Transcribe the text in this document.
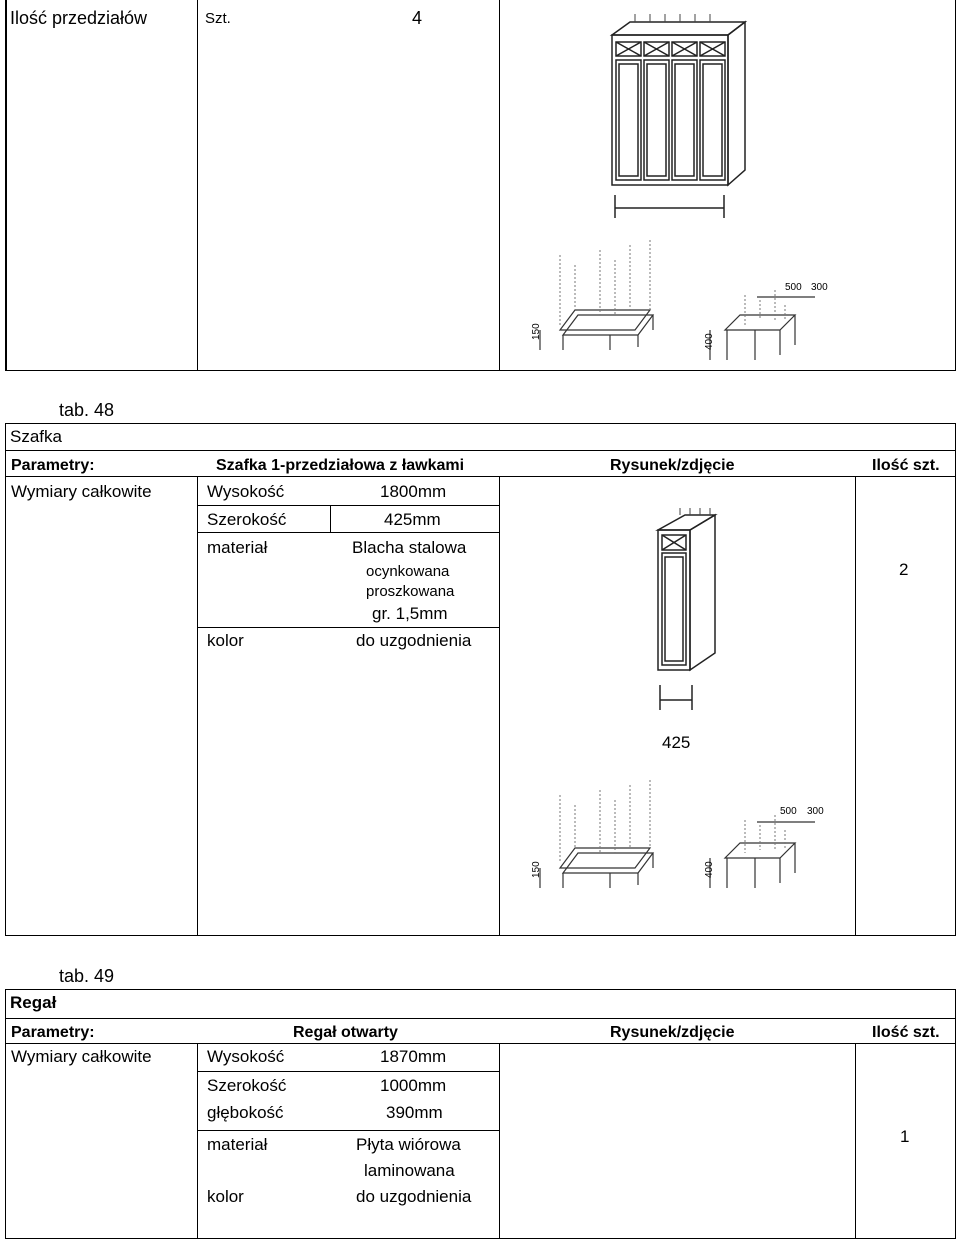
Ilość przedziałów	Szt.	4
150
400
500 300
tab. 48
Szafka
Parametry:	Szafka 1-przedziałowa z ławkami	Rysunek/zdjęcie	Ilość szt.
Wymiary całkowite	Wysokość	1800mm
Szerokość	425mm
materiał	Blacha stalowa
ocynkowana
proszkowana
gr. 1,5mm
kolor	do uzgodnienia
2
425
150	400
500 300
tab. 49
Regał
Parametry:	Regał otwarty	Rysunek/zdjęcie	Ilość szt.
Wymiary całkowite	Wysokość	1870mm
Szerokość	1000mm
głębokość	390mm
materiał	Płyta wiórowa
laminowana
kolor	do uzgodnienia
1
